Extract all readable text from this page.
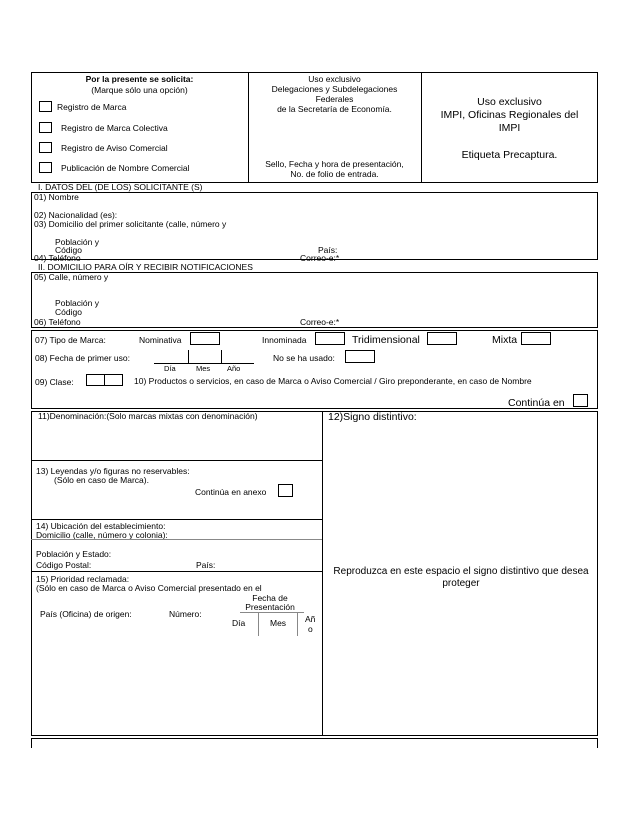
Por la presente se solicita:
(Marque sólo una opción)
Registro de Marca
Registro de Marca Colectiva
Registro de Aviso Comercial
Publicación de Nombre Comercial
Uso exclusivo
Delegaciones y Subdelegaciones
Federales
de la Secretaría de Economía.
Sello, Fecha y hora de presentación,
No. de folio de entrada.
Uso exclusivo
IMPI, Oficinas Regionales del
IMPI
Etiqueta Precaptura.
I. DATOS DEL (DE LOS) SOLICITANTE (S)
01) Nombre
02) Nacionalidad (es):
03) Domicilio del primer solicitante (calle, número y
Población y
Código	País:
04) Teléfono	Correo-e:*
II. DOMICILIO PARA OÍR Y RECIBIR NOTIFICACIONES
05) Calle, número y
Población y
Código
06) Teléfono	Correo-e:*
07) Tipo de Marca:	Nominativa	Innominada	Tridimensional	Mixta
08) Fecha de primer uso:
Día	Mes Año
No se ha usado:
09) Clase:	10) Productos o servicios, en caso de Marca o Aviso Comercial / Giro preponderante, en caso de Nombre
Continúa en
11)Denominación:(Solo marcas mixtas con denominación)	12)Signo distintivo:
13) Leyendas y/o figuras no reservables:
(Sólo en caso de Marca).
Continúa en anexo
14) Ubicación del establecimiento:
Domicilio (calle, número y colonia):
Población y Estado:
Código Postal:	País:
15) Prioridad reclamada:
(Sólo en caso de Marca o Aviso Comercial presentado en el
Fecha de
Presentación
País (Oficina) de origen:	Número:
Día	Mes Añ
o
Reproduzca en este espacio el signo distintivo que desea proteger
